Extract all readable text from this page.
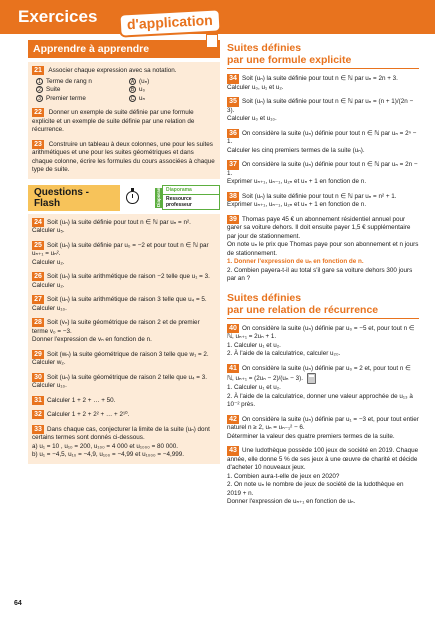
Exercices	d'application
Apprendre à apprendre
21 Associer chaque expression avec sa notation.
1 Terme de rang n	A (uₙ)
2 Suite	B u₀
3 Premier terme	C uₙ
22 Donner un exemple de suite définie par une formule explicite et un exemple de suite définie par une relation de récurrence.
23 Construire un tableau à deux colonnes, une pour les suites arithmétiques et une pour les suites géométriques et dans chaque colonne, écrire les formules du cours associées à chaque type de suite.
Questions - Flash	Diaporama	Diaporama
Ressource professeur
24 Soit (uₙ) la suite définie pour tout n ∈ ℕ par uₙ = n².
Calculer u₅.
25 Soit (uₙ) la suite définie par u₀ = −2 et pour tout n ∈ ℕ par uₙ₊₁ = uₙ².
Calculer u₂.
26 Soit (uₙ) la suite arithmétique de raison −2 telle que u₁ = 3.
Calculer u₂.
27 Soit (uₙ) la suite arithmétique de raison 3 telle que u₄ = 5.
Calculer u₁₀.
28 Soit (vₙ) la suite géométrique de raison 2 et de premier terme v₀ = −3.
Donner l'expression de vₙ en fonction de n.
29 Soit (wₙ) la suite géométrique de raison 3 telle que w₁ = 2.
Calculer w₂.
30 Soit (uₙ) la suite géométrique de raison 2 telle que u₄ = 3.
Calculer u₁₀.
31 Calculer 1 + 2 + … + 50.
32 Calculer 1 + 2 + 2² + … + 2¹⁰.
33 Dans chaque cas, conjecturer la limite de la suite (uₙ) dont certains termes sont donnés ci-dessous.
a) u₁ = 10 , u₁₀ = 200, u₁₀₀ = 4 000 et u₁₀₀₀ = 80 000.
b) u₁ = −4,5, u₁₀ = −4,9, u₁₀₀ = −4,99 et u₁₀₀₀ = −4,999.
Suites définies
par une formule explicite
34 Soit (uₙ) la suite définie pour tout n ∈ ℕ par uₙ = 2n + 3.
Calculer u₀, u₁ et u₂.
35 Soit (uₙ) la suite définie pour tout n ∈ ℕ par uₙ = (n + 1)/(2n − 3).
Calculer u₀ et u₁₀.
36 On considère la suite (uₙ) définie pour tout n ∈ ℕ par uₙ = 2ⁿ − 1.
Calculer les cinq premiers termes de la suite (uₙ).
37 On considère la suite (uₙ) définie pour tout n ∈ ℕ par uₙ = 2n − 1.
Exprimer uₙ₊₁, uₙ₋₁, u₂ₙ et uₙ + 1 en fonction de n.
38 Soit (uₙ) la suite définie pour tout n ∈ ℕ par uₙ = n² + 1.
Exprimer uₙ₊₁, uₙ₋₁, u₂ₙ et uₙ + 1 en fonction de n.
39 Thomas paye 45 € un abonnement résidentiel annuel pour garer sa voiture dehors. Il doit ensuite payer 1,5 € supplémentaire par jour de stationnement.
On note uₙ le prix que Thomas paye pour son abonnement et n jours de stationnement.
1. Donner l'expression de uₙ en fonction de n.
2. Combien payera-t-il au total s'il gare sa voiture dehors 300 jours par an ?
Suites définies
par une relation de récurrence
40 On considère la suite (uₙ) définie par u₀ = −5 et, pour tout n ∈ ℕ, uₙ₊₁ = 2uₙ + 1.
1. Calculer u₁ et u₂.
2. À l'aide de la calculatrice, calculer u₂₀.
41 On considère la suite (uₙ) définie par u₀ = 2 et, pour tout n ∈ ℕ, uₙ₊₁ = (2uₙ − 2)/(uₙ − 3).
1. Calculer u₁ et u₂.
2. À l'aide de la calculatrice, donner une valeur approchée de u₁₃ à 10⁻² près.
42 On considère la suite (uₙ) définie par u₁ = −3 et, pour tout entier naturel n ≥ 2, uₙ = uₙ₋₁² − 6.
Déterminer la valeur des quatre premiers termes de la suite.
43 Une ludothèque possède 100 jeux de société en 2019. Chaque année, elle donne 5 % de ses jeux à une œuvre de charité et décide d'acheter 10 nouveaux jeux.
1. Combien aura-t-elle de jeux en 2020?
2. On note uₙ le nombre de jeux de société de la ludothèque en 2019 + n.
Donner l'expression de uₙ₊₁ en fonction de uₙ.
64
